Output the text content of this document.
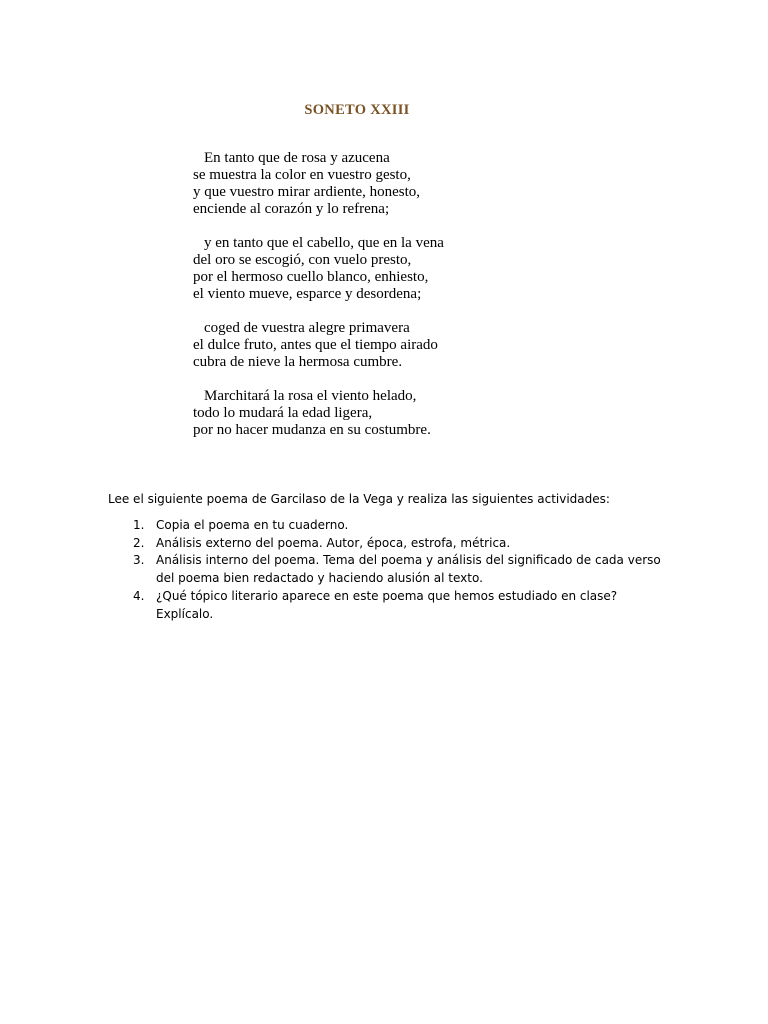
SONETO XXIII
En tanto que de rosa y azucena
se muestra la color en vuestro gesto,
y que vuestro mirar ardiente, honesto,
enciende al corazón y lo refrena;
y en tanto que el cabello, que en la vena
del oro se escogió, con vuelo presto,
por el hermoso cuello blanco, enhiesto,
el viento mueve, esparce y desordena;
coged de vuestra alegre primavera
el dulce fruto, antes que el tiempo airado
cubra de nieve la hermosa cumbre.
Marchitará la rosa el viento helado,
todo lo mudará la edad ligera,
por no hacer mudanza en su costumbre.

Lee el siguiente poema de Garcilaso de la Vega y realiza las siguientes actividades:

1. Copia el poema en tu cuaderno.
2. Análisis externo del poema. Autor, época, estrofa, métrica.
3. Análisis interno del poema. Tema del poema y análisis del significado de cada verso del poema bien redactado y haciendo alusión al texto.
4. ¿Qué tópico literario aparece en este poema que hemos estudiado en clase? Explícalo.
